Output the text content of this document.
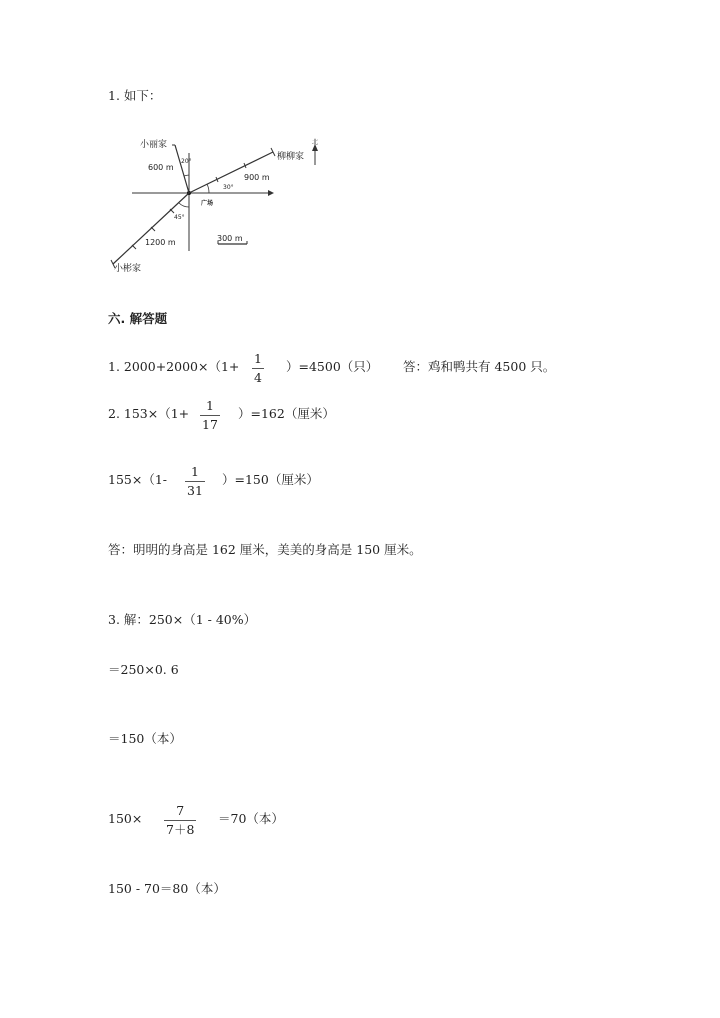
1. 如下：
小丽家
600 m
20°	柳柳家
900 m
30°
广场
45°
1200 m	300 m
小彬家
北
六. 解答题
1. 2000+2000×（1+
1
4
）=4500（只） 答：鸡和鸭共有 4500 只。
2. 153×（1+
1
17
）=162（厘米）
155×（1-
1
31
）=150（厘米）
答：明明的身高是 162 厘米，美美的身高是 150 厘米。
3. 解：250×（1 - 40%）
＝250×0. 6
＝150（本）
150×
7
7＋8
＝70（本）
150 - 70＝80（本）
